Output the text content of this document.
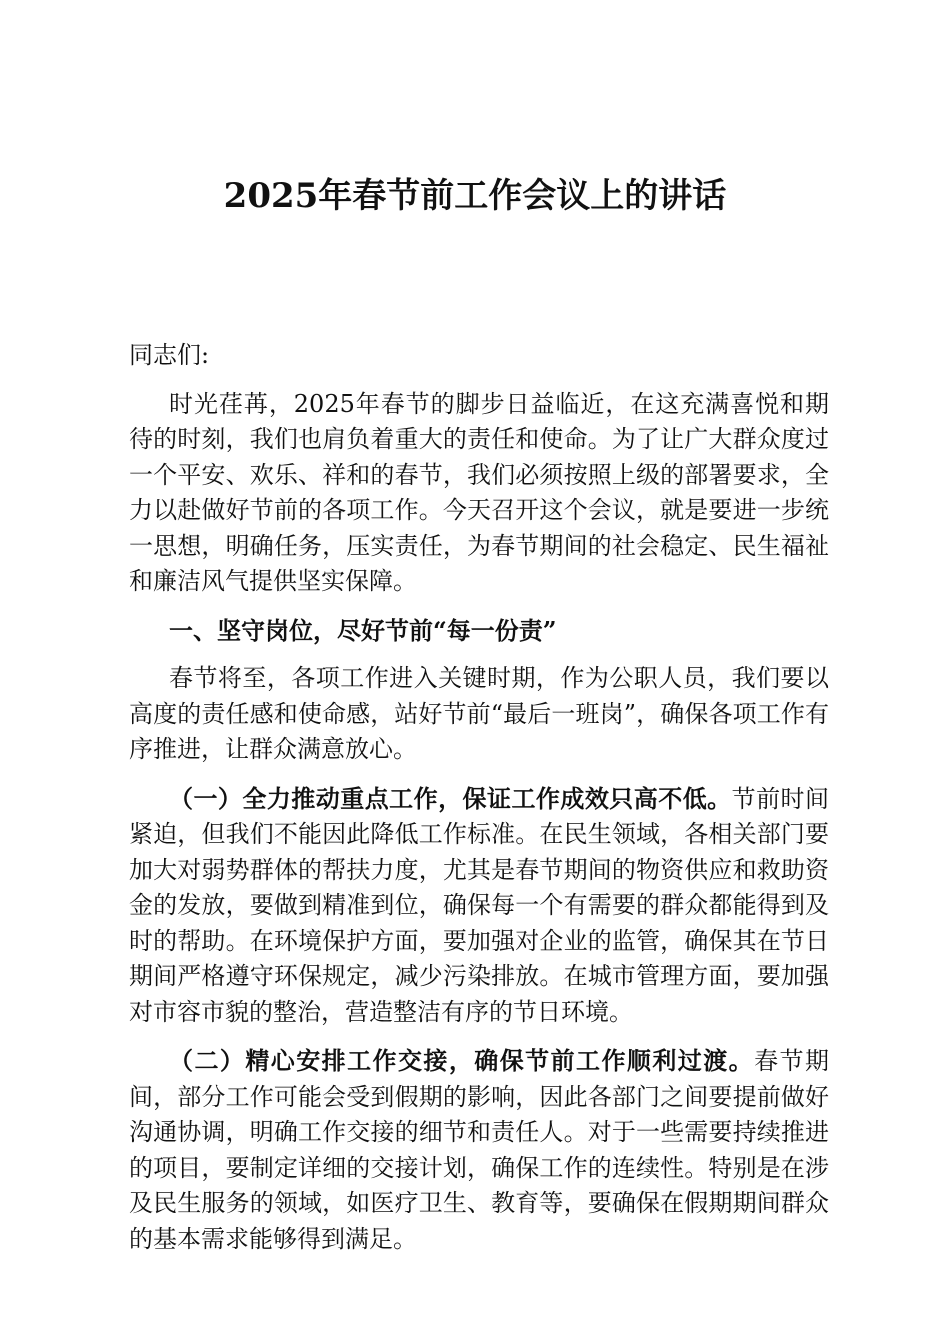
2025年春节前工作会议上的讲话

同志们:

时光荏苒，2025年春节的脚步日益临近，在这充满喜悦和期待的时刻，我们也肩负着重大的责任和使命。为了让广大群众度过一个平安、欢乐、祥和的春节，我们必须按照上级的部署要求，全力以赴做好节前的各项工作。今天召开这个会议，就是要进一步统一思想，明确任务，压实责任，为春节期间的社会稳定、民生福祉和廉洁风气提供坚实保障。

一、坚守岗位，尽好节前“每一份责”

春节将至，各项工作进入关键时期，作为公职人员，我们要以高度的责任感和使命感，站好节前“最后一班岗”，确保各项工作有序推进，让群众满意放心。

（一）全力推动重点工作，保证工作成效只高不低。节前时间紧迫，但我们不能因此降低工作标准。在民生领域，各相关部门要加大对弱势群体的帮扶力度，尤其是春节期间的物资供应和救助资金的发放，要做到精准到位，确保每一个有需要的群众都能得到及时的帮助。在环境保护方面，要加强对企业的监管，确保其在节日期间严格遵守环保规定，减少污染排放。在城市管理方面，要加强对市容市貌的整治，营造整洁有序的节日环境。

（二）精心安排工作交接，确保节前工作顺利过渡。春节期间，部分工作可能会受到假期的影响，因此各部门之间要提前做好沟通协调，明确工作交接的细节和责任人。对于一些需要持续推进的项目，要制定详细的交接计划，确保工作的连续性。特别是在涉及民生服务的领域，如医疗卫生、教育等，要确保在假期期间群众的基本需求能够得到满足。
